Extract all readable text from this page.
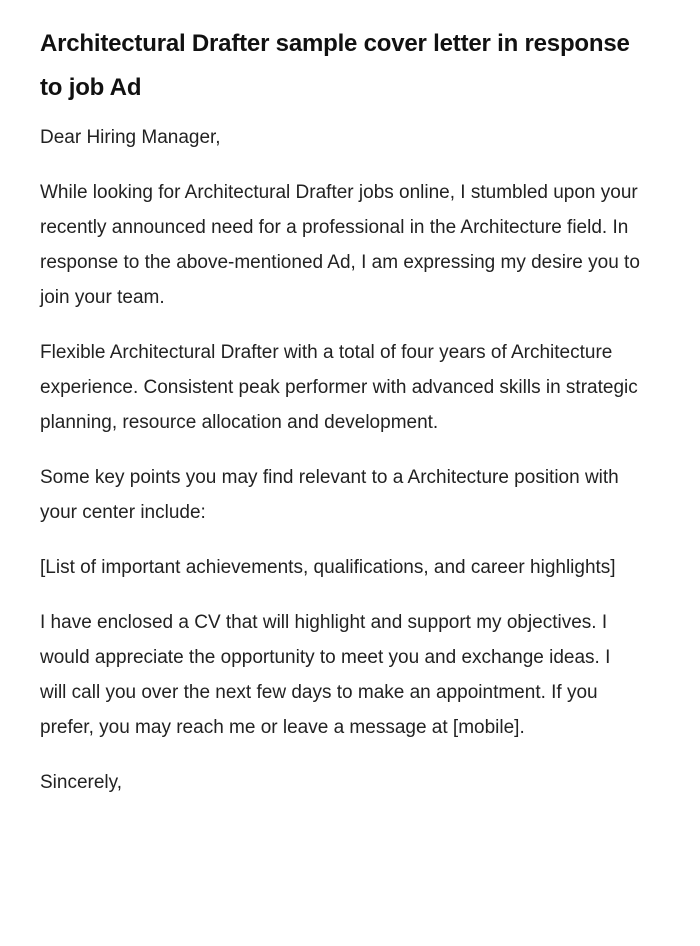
Architectural Drafter sample cover letter in response to job Ad

Dear Hiring Manager,

While looking for Architectural Drafter jobs online, I stumbled upon your recently announced need for a professional in the Architecture field. In response to the above-mentioned Ad, I am expressing my desire you to join your team.

Flexible Architectural Drafter with a total of four years of Architecture experience. Consistent peak performer with advanced skills in strategic planning, resource allocation and development.

Some key points you may find relevant to a Architecture position with your center include:

[List of important achievements, qualifications, and career highlights]

I have enclosed a CV that will highlight and support my objectives. I would appreciate the opportunity to meet you and exchange ideas. I will call you over the next few days to make an appointment. If you prefer, you may reach me or leave a message at [mobile].

Sincerely,
